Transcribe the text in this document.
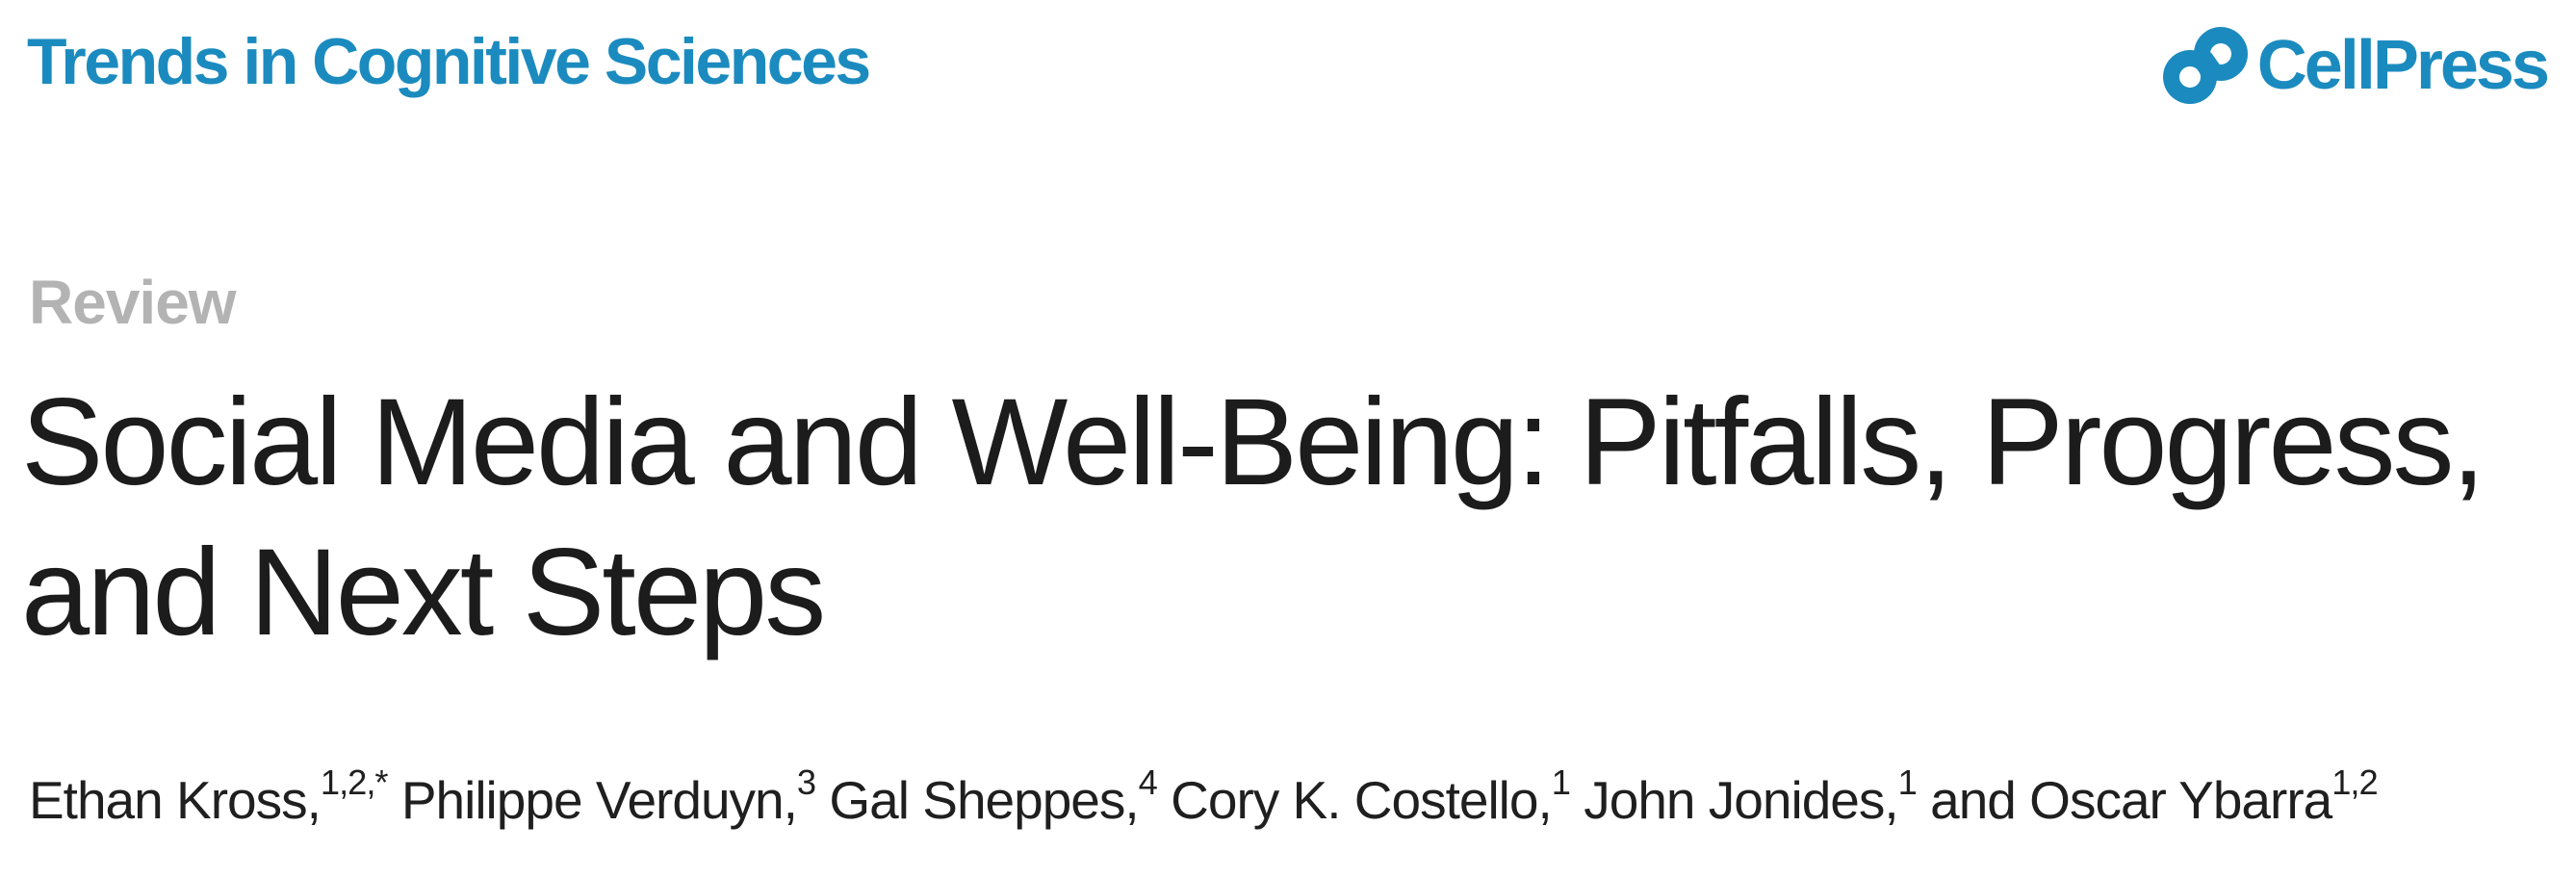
Trends in Cognitive Sciences	CellPress
Review
Social Media and Well-Being: Pitfalls, Progress, and Next Steps
Ethan Kross,$^{1,2,*}$ Philippe Verduyn,$^3$ Gal Sheppes,$^4$ Cory K. Costello,$^1$ John Jonides,$^1$ and Oscar Ybarra$^{1,2}$
